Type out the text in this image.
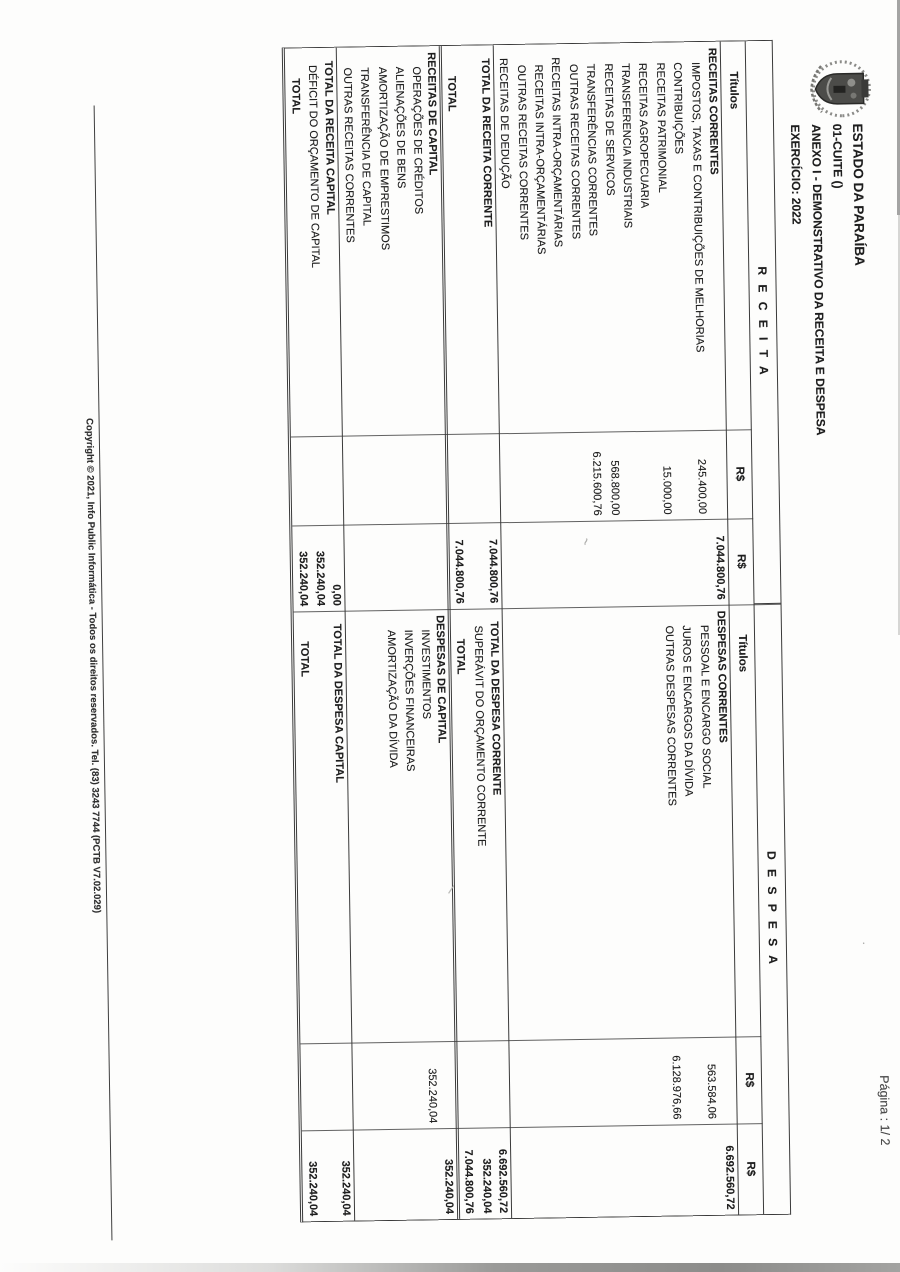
ESTADO DA PARAÍBA
01-CUITE ()
ANEXO I - DEMONSTRATIVO DA RECEITA E DESPESA
EXERCÍCIO: 2022
Página : 1/ 2
R E C E I T A
D E S P E S A
Títulos
R$
R$
Títulos
R$
R$
RECEITAS CORRENTES
7.044.800,76
DESPESAS CORRENTES
6.692.560,72
IMPOSTOS, TAXAS E CONTRIBUIÇÕES DE MELHORIAS
245.400,00
PESSOAL E ENCARGO SOCIAL
563.584,06
CONTRIBUIÇÕES
JUROS E ENCARGOS DA DÍVIDA
RECEITAS PATRIMONIAL
15.000,00
OUTRAS DESPESAS CORRENTES
6.128.976,66
RECEITAS AGROPECUARIA
TRANSFERENCIA INDUSTRIAIS
RECEITAS DE SERVICOS
568.800,00
TRANSFERÊNCIAS CORRENTES
6.215.600,76
OUTRAS RECEITAS CORRENTES
RECEITAS INTRA-ORÇAMENTÁRIAS
RECEITAS INTRA-ORÇAMENTÁRIAS
OUTRAS RECEITAS CORRENTES
RECEITAS DE DEDUÇÃO
TOTAL DA RECEITA CORRENTE
7.044.800,76
TOTAL DA DESPESA CORRENTE
6.692.560,72
SUPERÁVIT DO ORÇAMENTO CORRENTE
352.240,04
TOTAL
7.044.800,76
TOTAL
7.044.800,76
RECEITAS DE CAPITAL
DESPESAS DE CAPITAL
352.240,04
OPERAÇÕES DE CRÉDITOS
INVESTIMENTOS
352.240,04
ALIENAÇÕES DE BENS
INVERÇÕES FINANCEIRAS
AMORTIZAÇÃO DE EMPRESTIMOS
AMORTIZAÇÃO DA DÍVIDA
TRANSFERÊNCIA DE CAPITAL
OUTRAS RECEITAS CORRENTES
TOTAL DA RECEITA CAPITAL
0,00
TOTAL DA DESPESA CAPITAL
352.240,04
DÉFICIT DO ORÇAMENTO DE CAPITAL
352.240,04
TOTAL
352.240,04
TOTAL
352.240,04
Copyright © 2021, Info Public Informática - Todos os direitos reservados. Tel. (83) 3243 7744 (PCTB V7.02.029)	~
\
·
